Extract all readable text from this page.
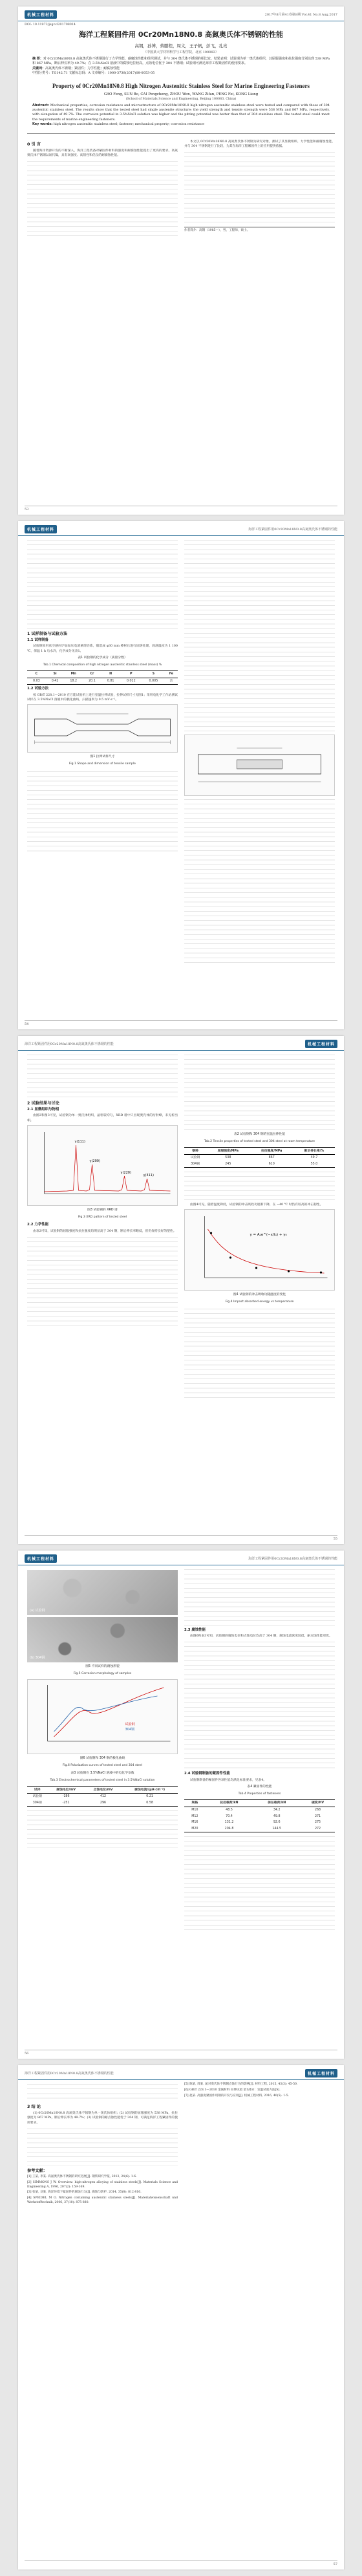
机械工程材料	2017年8月第41卷第8期 Vol.41 No.8 Aug.2017
DOI: 10.11973/jxgccl201708014
海洋工程紧固件用 0Cr20Mn18N0.8 高氮奥氏体不锈钢的性能
高钢，孙博，蔡鹏程，周文，王子帆，彭飞，孔亮
（中国某大学材料科学与工程学院，北京 100083）
摘 要：对 0Cr20Mn18N0.8 高氮奥氏体不锈钢进行了力学性能、耐腐蚀性能和组织测试，并与 304 奥氏体不锈钢的相比较。结果表明：试验钢为单一奥氏体组织，其屈服强度和抗拉强度分别达到 538 MPa 和 867 MPa，断后伸长率为 49.7%；在 3.5%NaCl 溶液中的腐蚀电位较高，点蚀电位优于 304 不锈钢；试验钢可满足海洋工程紧固件的使用要求。
关键词：高氮奥氏体不锈钢；紧固件；力学性能；耐腐蚀性能
中图分类号：TG142.71 文献标志码：A 文章编号：1000-3738(2017)08-0053-05
Property of 0Cr20Mn18N0.8 High Nitrogen Austenitic Stainless Steel for Marine Engineering Fasteners
GAO Feng, SUN Bo, CAI Pengcheng, ZHOU Wen, WANG Zifan, PENG Fei, KONG Liang
(School of Materials Science and Engineering, Beijing 100083, China)
Abstract: Mechanical properties, corrosion resistance and microstructure of 0Cr20Mn18N0.8 high nitrogen austenitic stainless steel were tested and compared with those of 304 austenitic stainless steel. The results show that the tested steel had single austenite structure; the yield strength and tensile strength were 538 MPa and 867 MPa, respectively, with elongation of 49.7%. The corrosion potential in 3.5%NaCl solution was higher and the pitting potential was better than that of 304 stainless steel. The tested steel could meet the requirements of marine engineering fasteners.
Key words: high nitrogen austenitic stainless steel; fastener; mechanical property; corrosion resistance
0 引 言

随着海洋资源开发的不断深入，海洋工程装备对紧固件材料的强度和耐腐蚀性能提出了更高的要求。高氮奥氏体不锈钢以氮代镍，具有高强度、高韧性和优良的耐腐蚀性能。

本文以 0Cr20Mn18N0.8 高氮奥氏体不锈钢为研究对象，测试了其显微组织、力学性能和耐腐蚀性能，并与 304 不锈钢进行了比较，为其在海洋工程紧固件上的应用提供依据。

作者简介：高钢（1985—），男，工程师，硕士。
53
机械工程材料	海洋工程紧固件用0Cr20Mn18N0.8高氮奥氏体不锈钢的性能
1 试样制备与试验方法
1.1 试样制备

试验钢采用真空感应炉加加压电渣重熔冶炼，锻造成 φ30 mm 棒材后进行固溶处理，固溶温度为 1 100 ℃，保温 1 h 后水冷，化学成分见表1。

表1 试验钢的化学成分（质量分数）
Tab.1 Chemical composition of high nitrogen austenitic stainless steel (mass) %
C	Si	Mn	Cr	N	P	S	Fe
0.03	0.42	18.2	20.1	0.81	0.012	0.005	余
1.2 试验方法

按 GB/T 228.1—2010 在万能试验机上进行室温拉伸试验，拉伸试样尺寸见图1；采用电化学工作站测试试样在 3.5%NaCl 溶液中的极化曲线，扫描速率为 0.5 mV·s⁻¹。

图1 拉伸试样尺寸
Fig.1 Shape and dimension of tensile sample
54
海洋工程紧固件用0Cr20Mn18N0.8高氮奥氏体不锈钢的性能	机械工程材料
2 试验结果与讨论
2.1 显微组织与物相

由图2和图3可见，试验钢为单一奥氏体组织，晶粒较均匀，XRD 谱中只出现奥氏体的衍射峰，未见析出相。

γ(111)
γ(200)
γ(220)
γ(311)
图3 试验钢的 XRD 谱
Fig.3 XRD pattern of tested steel
2.2 力学性能

由表2可知，试验钢的屈服强度和抗拉强度均明显高于 304 钢，断后伸长率略低，但仍保持良好的塑性。

表2 试验钢和 304 钢的室温拉伸性能
Tab.2 Tensile properties of tested steel and 304 steel at room temperature
钢种	屈服强度/MPa	抗拉强度/MPa	断后伸长率/%
试验钢	538	867	49.7
304钢	245	610	55.0

由图4可见，随着温度降低，试验钢的冲击吸收功逐渐下降，在 −40 ℃ 时仍有较高的冲击韧性。

y = A₁e^(−x/t₁) + y₀
图4 试验钢的冲击吸收功随温度的变化
Fig.4 Impact absorbed energy vs temperature
55
机械工程材料	海洋工程紧固件用0Cr20Mn18N0.8高氮奥氏体不锈钢的性能
(a) 试验钢
(b) 304钢
图5 不同试样的腐蚀形貌
Fig.5 Corrosion morphology of samples
试验钢
304钢
图6 试验钢和 304 钢的极化曲线
Fig.6 Polarization curves of tested steel and 304 steel
表3 试验钢在 3.5%NaCl 溶液中的电化学参数
Tab.3 Electrochemical parameters of tested steel in 3.5%NaCl solution
试样	腐蚀电位/mV	点蚀电位/mV	腐蚀电流/(μA·cm⁻²)
试验钢	-186	412	0.21
304钢	-251	296	0.58
2.3 腐蚀性能

由图6和表3可知，试验钢的腐蚀电位和点蚀电位均高于 304 钢，腐蚀电流密度较低，耐点蚀性能更优。

2.4 试验钢制备的紧固件性能

试验钢制备的紧固件各项性能均满足标准要求，见表4。

表4 紧固件的性能
Tab.4 Properties of fasteners
规格	抗拉载荷/kN	保证载荷/kN	硬度/HV
M10	48.5	34.2	268
M12	70.4	49.8	271
M16	131.2	92.6	275
M20	204.8	144.5	272
56
海洋工程紧固件用0Cr20Mn18N0.8高氮奥氏体不锈钢的性能	机械工程材料
3 结 论

(1) 0Cr20Mn18N0.8 高氮奥氏体不锈钢为单一奥氏体组织；(2) 试验钢的屈服强度为 538 MPa，抗拉强度为 867 MPa，断后伸长率为 49.7%；(3) 试验钢的耐点蚀性能优于 304 钢，可满足海洋工程紧固件的使用要求。

参考文献：
[1] 王某, 李某. 高氮奥氏体不锈钢的研究进展[J]. 钢铁研究学报, 2012, 24(6): 1-6.
[2] SIMMONS J W. Overview: high-nitrogen alloying of stainless steels[J]. Materials Science and Engineering A, 1996, 207(2): 159-169.
[3] 张某, 刘某. 海洋环境下紧固件的腐蚀行为[J]. 腐蚀与防护, 2014, 35(8): 812-816.
[4] SPEIDEL M O. Nitrogen containing austenitic stainless steels[J]. Materialwissenschaft und Werkstofftechnik, 2006, 37(10): 875-880.
[5] 陈某, 周某. 氮对奥氏体不锈钢点蚀行为的影响[J]. 材料工程, 2015, 43(3): 45-50.
[6] GB/T 228.1—2010 金属材料 拉伸试验 第1部分：室温试验方法[S].
[7] 赵某. 高强度紧固件用钢的开发与应用[J]. 机械工程材料, 2016, 40(5): 1-5.
57
